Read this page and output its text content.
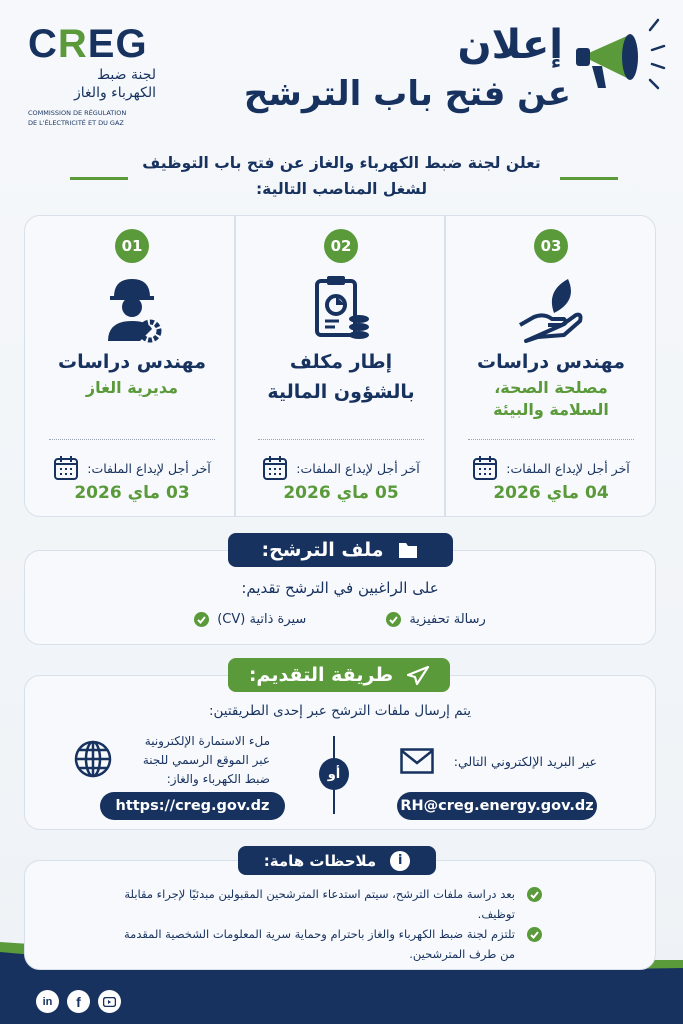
CREG
لجنة ضبط
الكهرباء والغاز
COMMISSION DE RÉGULATION
DE L'ÉLECTRICITÉ ET DU GAZ
إعلان
عن فتح باب الترشح
تعلن لجنة ضبط الكهرباء والغاز عن فتح باب التوظيف
لشغل المناصب التالية:
01
مهندس دراسات
مديرية الغاز
آخر أجل لإيداع الملفات:
03 ماي 2026
02
إطار مكلف
بالشؤون المالية
آخر أجل لإيداع الملفات:
05 ماي 2026
03
مهندس دراسات
مصلحة الصحة،
السلامة والبيئة
آخر أجل لإيداع الملفات:
04 ماي 2026
ملف الترشح:
على الراغبين في الترشح تقديم:
رسالة تحفيزية
سيرة ذاتية (CV)
طريقة التقديم:
يتم إرسال ملفات الترشح عبر إحدى الطريقتين:
عير البريد الإلكتروني التالي:
RH@creg.energy.gov.dz
أو
ملء الاستمارة الإلكترونية
عبر الموقع الرسمي للجنة
ضبط الكهرباء والغاز:
https://creg.gov.dz
i
ملاحظات هامة:
بعد دراسة ملفات الترشح، سيتم استدعاء المترشحين المقبولين مبدئيًا لإجراء مقابلة توظيف.
تلتزم لجنة ضبط الكهرباء والغاز باحترام وحماية سرية المعلومات الشخصية المقدمة من طرف المترشحين.
in	f
